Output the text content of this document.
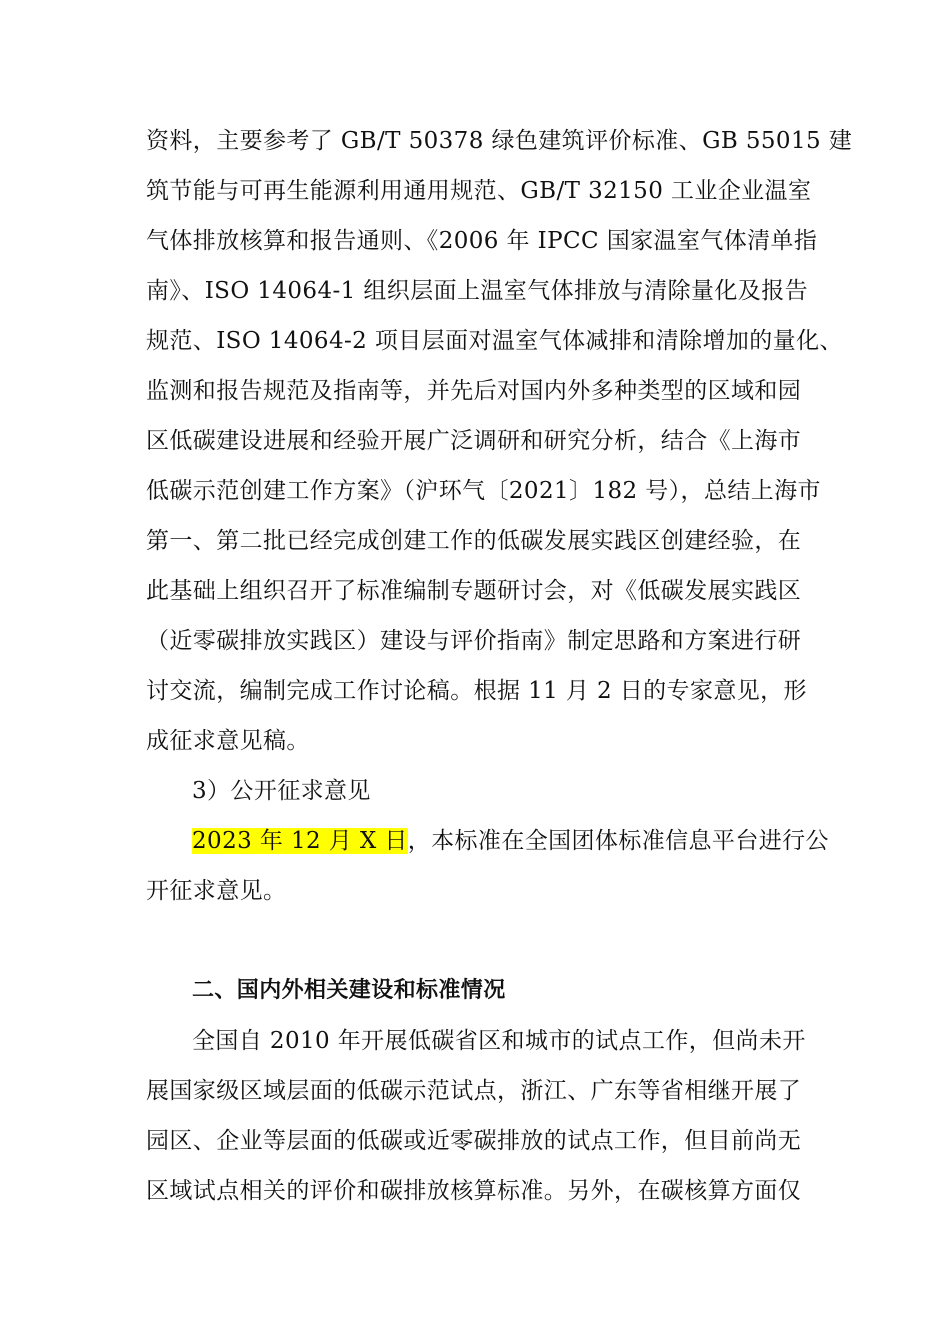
资料，主要参考了 GB/T 50378 绿色建筑评价标准、GB 55015 建
筑节能与可再生能源利用通用规范、GB/T 32150 工业企业温室
气体排放核算和报告通则、《2006 年 IPCC 国家温室气体清单指
南》、ISO 14064-1 组织层面上温室气体排放与清除量化及报告
规范、ISO 14064-2 项目层面对温室气体减排和清除增加的量化、
监测和报告规范及指南等，并先后对国内外多种类型的区域和园
区低碳建设进展和经验开展广泛调研和研究分析，结合《上海市
低碳示范创建工作方案》（沪环气〔2021〕182 号），总结上海市
第一、第二批已经完成创建工作的低碳发展实践区创建经验，在
此基础上组织召开了标准编制专题研讨会，对《低碳发展实践区
（近零碳排放实践区）建设与评价指南》制定思路和方案进行研
讨交流，编制完成工作讨论稿。根据 11 月 2 日的专家意见，形
成征求意见稿。
3）公开征求意见
2023 年 12 月 X 日，本标准在全国团体标准信息平台进行公
开征求意见。
二、国内外相关建设和标准情况
全国自 2010 年开展低碳省区和城市的试点工作，但尚未开
展国家级区域层面的低碳示范试点，浙江、广东等省相继开展了
园区、企业等层面的低碳或近零碳排放的试点工作，但目前尚无
区域试点相关的评价和碳排放核算标准。另外，在碳核算方面仅
